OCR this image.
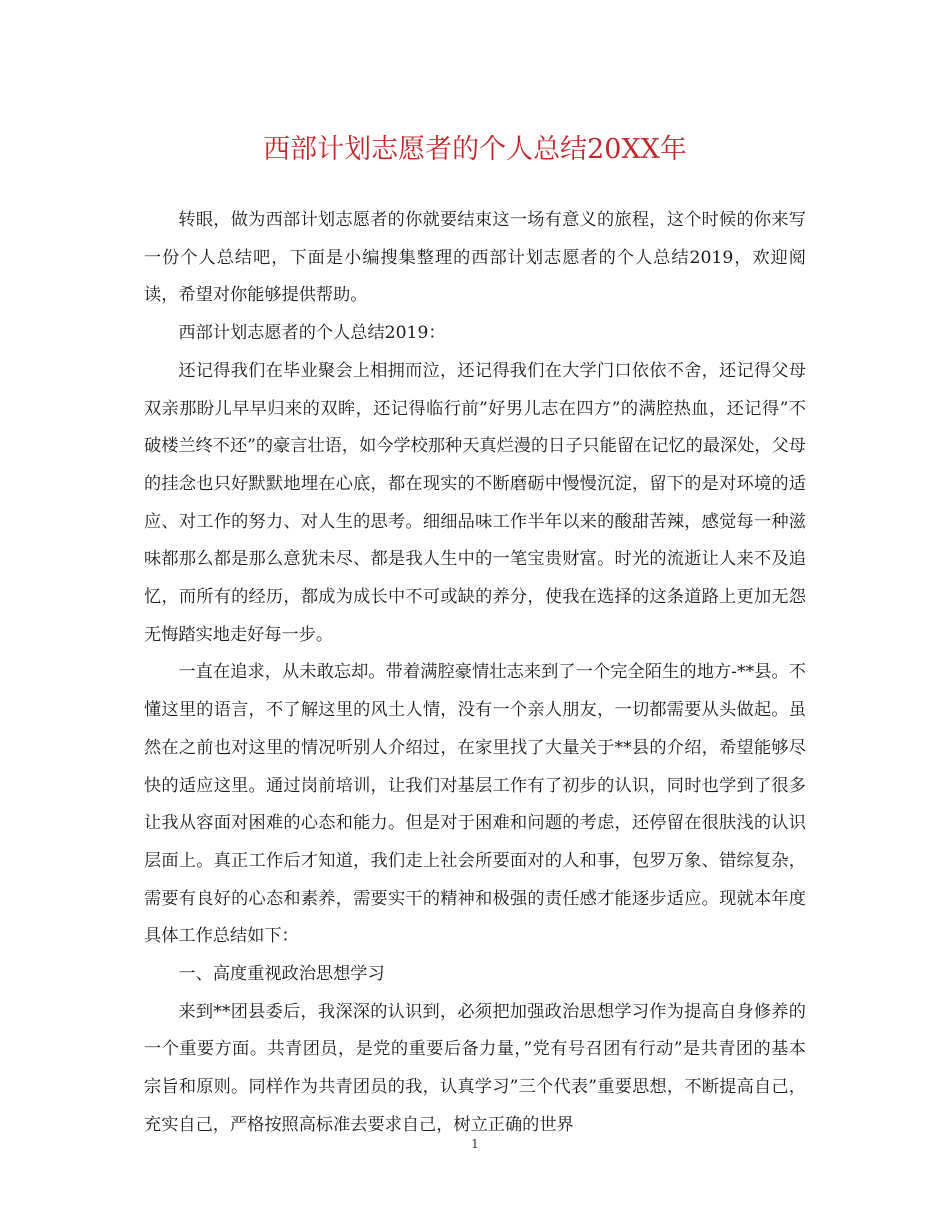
西部计划志愿者的个人总结20XX年

转眼，做为西部计划志愿者的你就要结束这一场有意义的旅程，这个时候的你来写一份个人总结吧，下面是小编搜集整理的西部计划志愿者的个人总结2019，欢迎阅读，希望对你能够提供帮助。

西部计划志愿者的个人总结2019：

还记得我们在毕业聚会上相拥而泣，还记得我们在大学门口依依不舍，还记得父母双亲那盼儿早早归来的双眸，还记得临行前”好男儿志在四方”的满腔热血，还记得”不破楼兰终不还”的豪言壮语，如今学校那种天真烂漫的日子只能留在记忆的最深处，父母的挂念也只好默默地埋在心底，都在现实的不断磨砺中慢慢沉淀，留下的是对环境的适应、对工作的努力、对人生的思考。细细品味工作半年以来的酸甜苦辣，感觉每一种滋味都那么都是那么意犹未尽、都是我人生中的一笔宝贵财富。时光的流逝让人来不及追忆，而所有的经历，都成为成长中不可或缺的养分，使我在选择的这条道路上更加无怨无悔踏实地走好每一步。

一直在追求，从未敢忘却。带着满腔豪情壮志来到了一个完全陌生的地方-**县。不懂这里的语言，不了解这里的风土人情，没有一个亲人朋友，一切都需要从头做起。虽然在之前也对这里的情况听别人介绍过，在家里找了大量关于**县的介绍，希望能够尽快的适应这里。通过岗前培训，让我们对基层工作有了初步的认识，同时也学到了很多让我从容面对困难的心态和能力。但是对于困难和问题的考虑，还停留在很肤浅的认识层面上。真正工作后才知道，我们走上社会所要面对的人和事，包罗万象、错综复杂，需要有良好的心态和素养，需要实干的精神和极强的责任感才能逐步适应。现就本年度具体工作总结如下：

一、高度重视政治思想学习

来到**团县委后，我深深的认识到，必须把加强政治思想学习作为提高自身修养的一个重要方面。共青团员，是党的重要后备力量，”党有号召团有行动”是共青团的基本宗旨和原则。同样作为共青团员的我，认真学习”三个代表”重要思想，不断提高自己，充实自己，严格按照高标准去要求自己，树立正确的世界

1
